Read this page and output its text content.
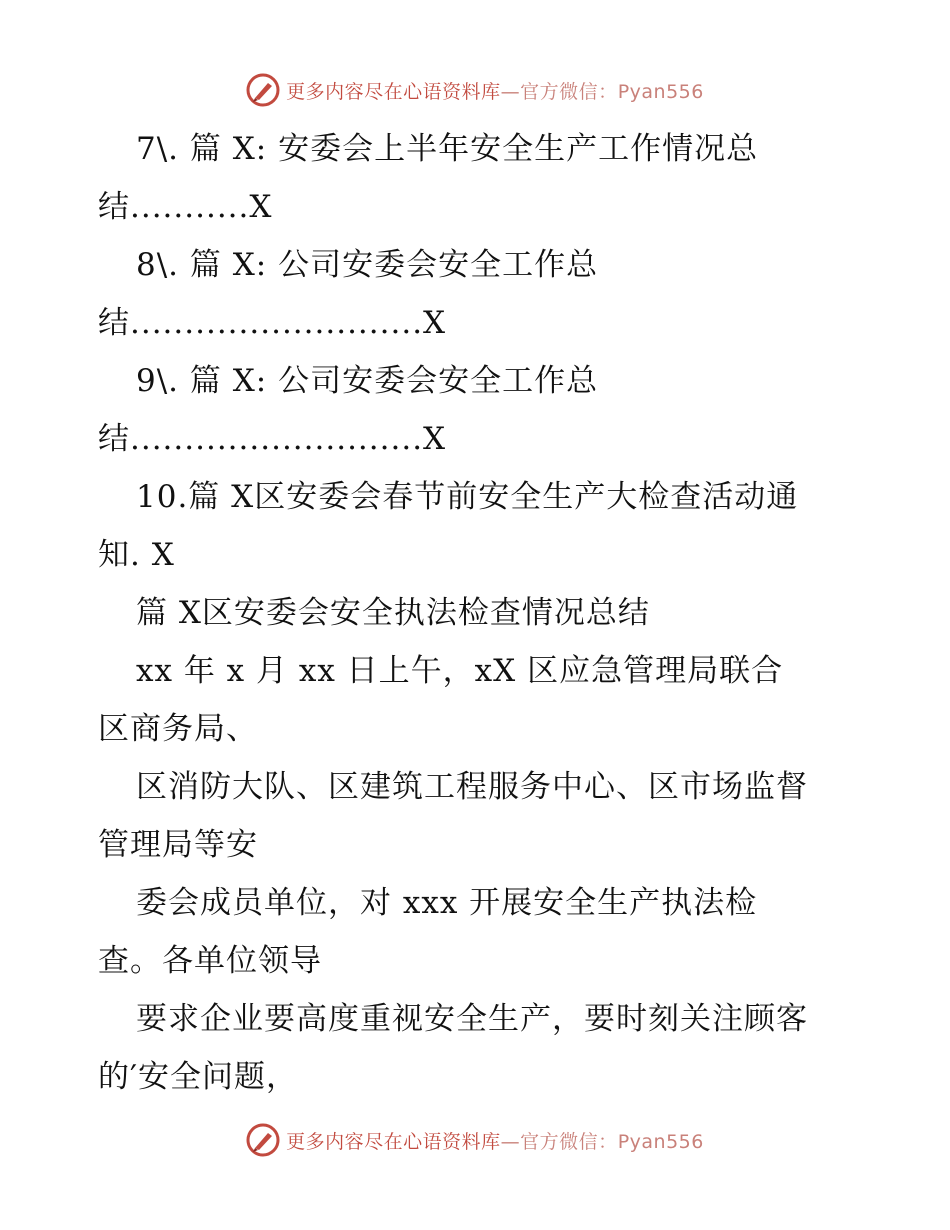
更多内容尽在心语资料库—官方微信：Pyan556
7\. 篇 X: 安委会上半年安全生产工作情况总
结...........X
8\. 篇 X: 公司安委会安全工作总
结...........................X
9\. 篇 X: 公司安委会安全工作总
结...........................X
10.篇 X区安委会春节前安全生产大检查活动通
知. X
篇 X区安委会安全执法检查情况总结
xx 年 x 月 xx 日上午，xX 区应急管理局联合
区商务局、
区消防大队、区建筑工程服务中心、区市场监督
管理局等安
委会成员单位，对 xxx 开展安全生产执法检
查。各单位领导
要求企业要高度重视安全生产，要时刻关注顾客
的′安全问题，
更多内容尽在心语资料库—官方微信：Pyan556
